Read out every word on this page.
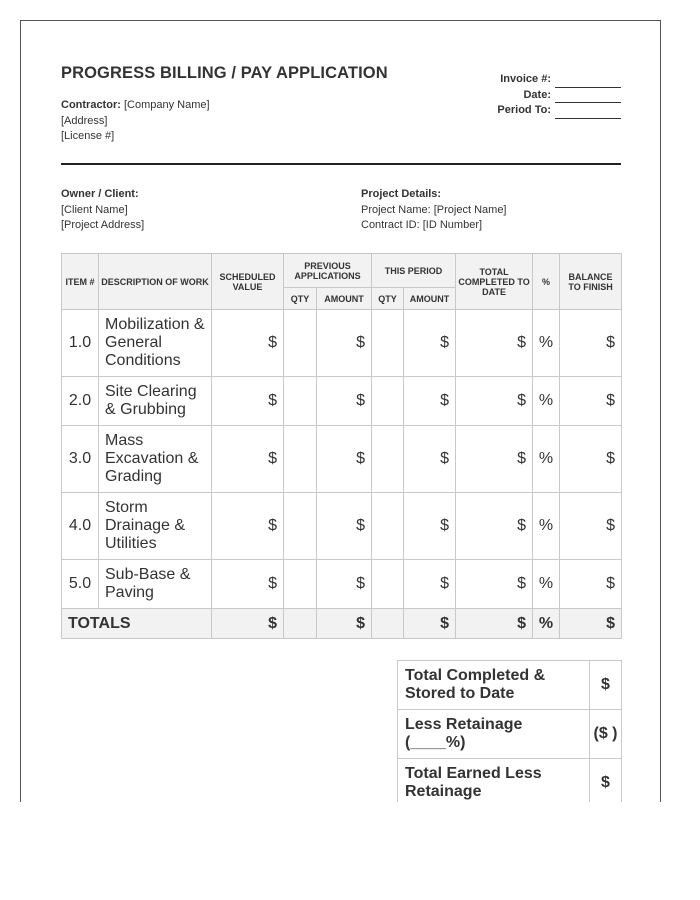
PROGRESS BILLING / PAY APPLICATION
Contractor: [Company Name]
[Address]
[License #]
Invoice #:
Date:
Period To:
Owner / Client:
[Client Name]
[Project Address]
Project Details:
Project Name: [Project Name]
Contract ID: [ID Number]
ITEM #	DESCRIPTION OF WORK	SCHEDULED VALUE	PREVIOUS APPLICATIONS		THIS PERIOD		TOTAL COMPLETED TO DATE	%	BALANCE TO FINISH
			QTY	AMOUNT	QTY	AMOUNT			
1.0	Mobilization & General Conditions	$		$		$	$	%	$
2.0	Site Clearing & Grubbing	$		$		$	$	%	$
3.0	Mass Excavation & Grading	$		$		$	$	%	$
4.0	Storm Drainage & Utilities	$		$		$	$	%	$
5.0	Sub-Base & Paving	$		$		$	$	%	$
TOTALS		$		$		$	$	%	$
Total Completed & Stored to Date	$
Less Retainage (____%)	($ )
Total Earned Less Retainage	$
